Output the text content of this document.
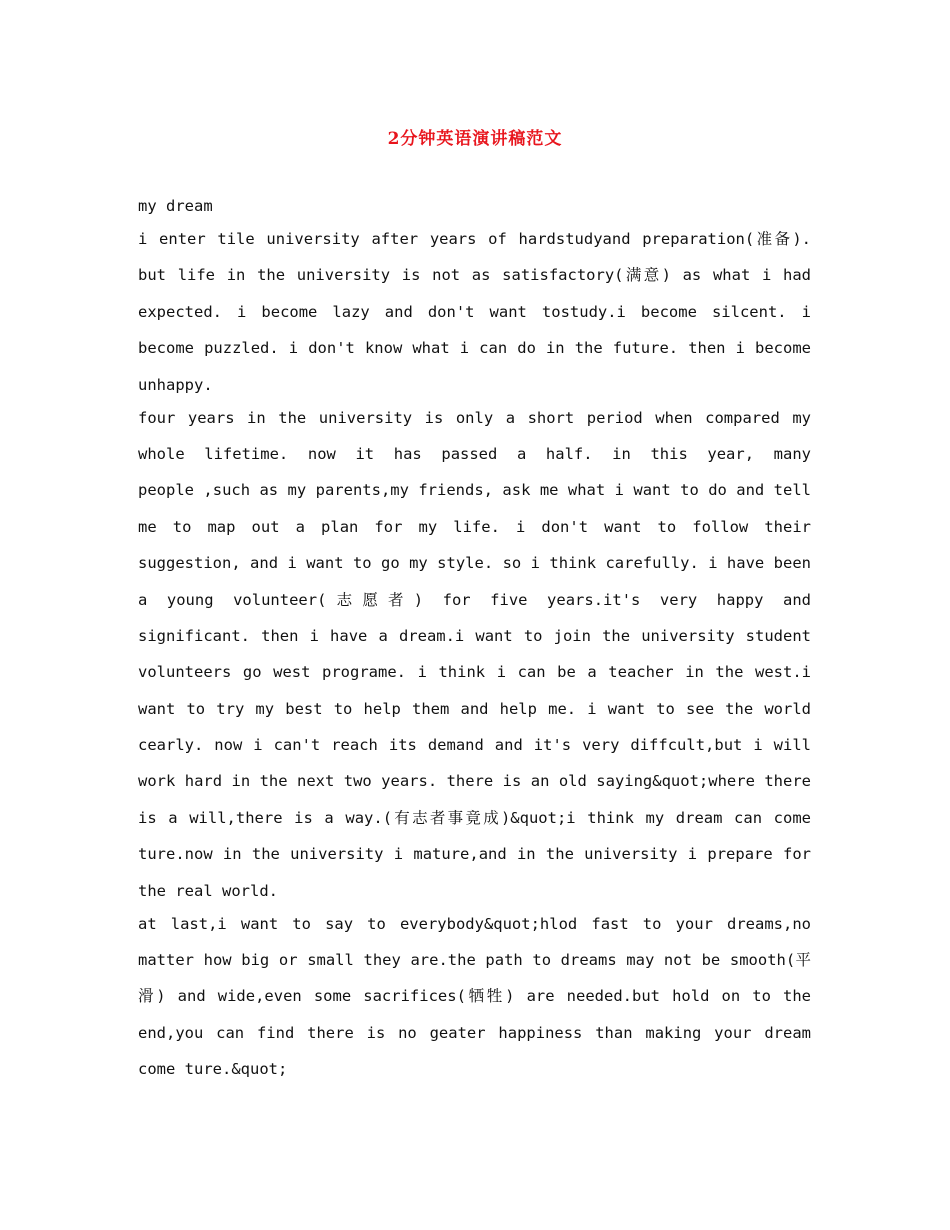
2分钟英语演讲稿范文
my dream
i enter tile university after years of hardstudyand preparation(准备).
but life in the university is not as satisfactory(满意) as what i had
expected. i become lazy and don't want tostudy.i become silcent. i
become puzzled. i don't know what i can do in the future. then i become
unhappy.
four years in the university is only a short period when compared my
whole lifetime. now it has passed a half. in this year, many
people ,such as my parents,my friends, ask me what i want to do and tell
me to map out a plan for my life. i don't want to follow their
suggestion, and i want to go my style. so i think carefully. i have been
a young volunteer(志愿者) for five years.it's very happy and
significant. then i have a dream.i want to join the university student
volunteers go west programe. i think i can be a teacher in the west.i
want to try my best to help them and help me. i want to see the world
cearly. now i can't reach its demand and it's very diffcult,but i will
work hard in the next two years. there is an old saying&quot;where there
is a will,there is a way.(有志者事竟成)&quot;i think my dream can come
ture.now in the university i mature,and in the university i prepare for
the real world.
at last,i want to say to everybody&quot;hlod fast to your dreams,no
matter how big or small they are.the path to dreams may not be smooth(平
滑) and wide,even some sacrifices(牺牲) are needed.but hold on to the
end,you can find there is no geater happiness than making your dream
come ture.&quot;
